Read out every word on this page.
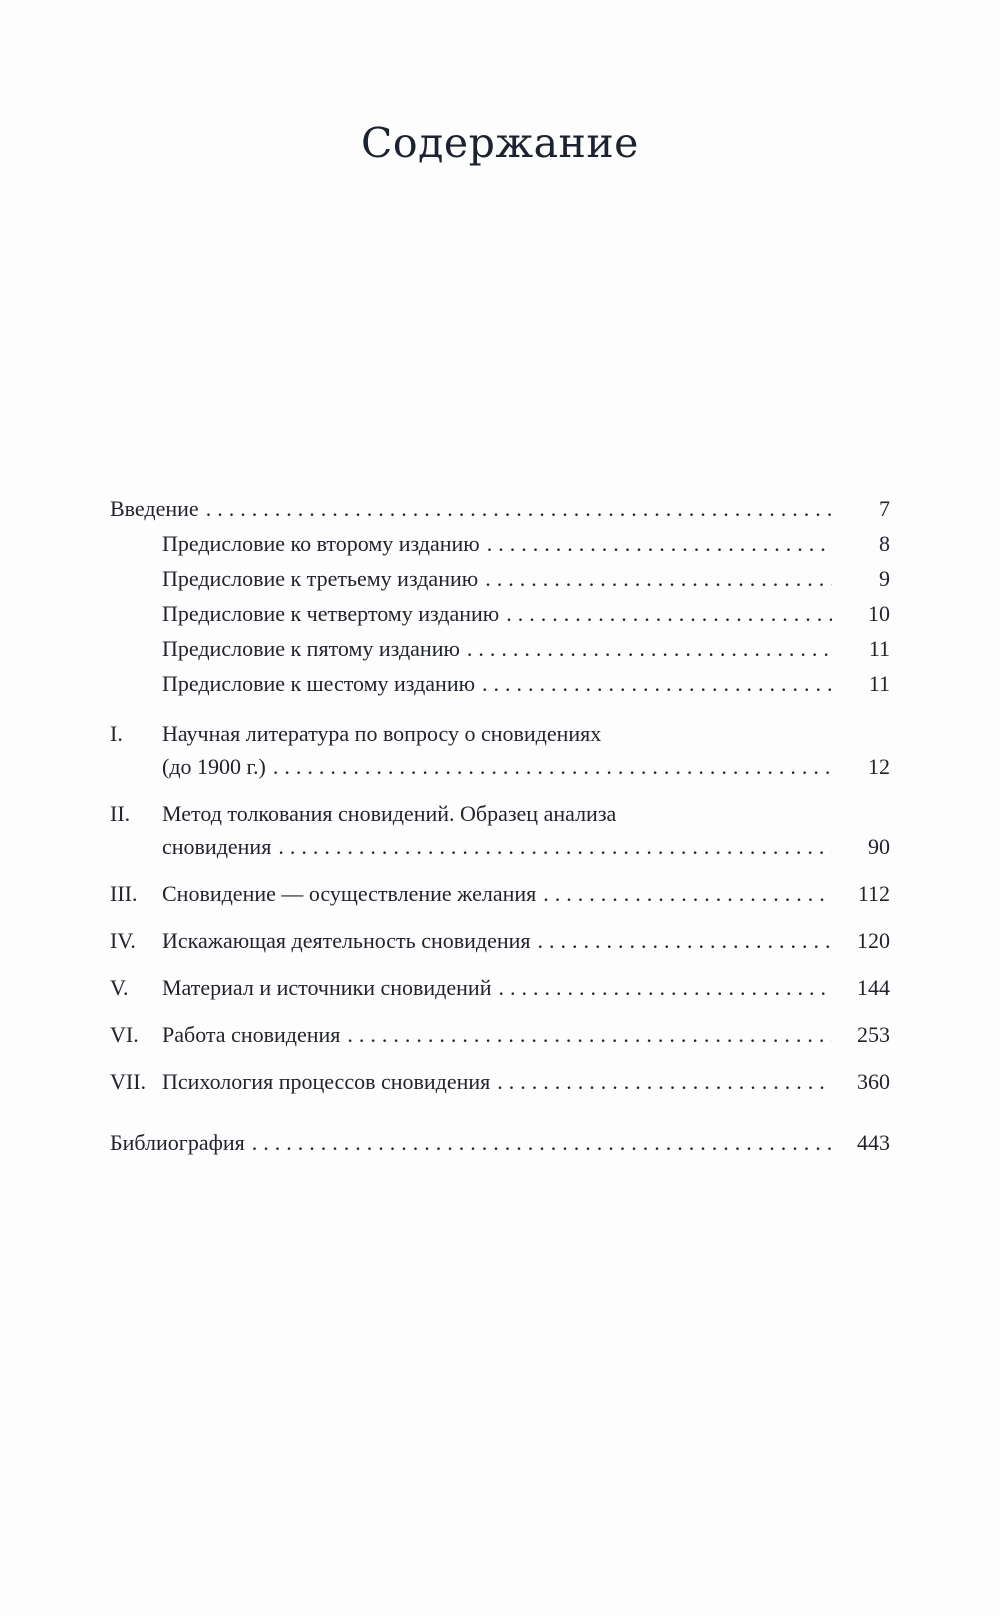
Содержание
Введение .....	7
Предисловие ко второму изданию .....	8
Предисловие к третьему изданию .....	9
Предисловие к четвертому изданию .....	10
Предисловие к пятому изданию .....	11
Предисловие к шестому изданию .....	11
I.	Научная литература по вопросу о сновидениях
(до 1900 г.) .....	12
II.	Метод толкования сновидений. Образец анализа
сновидения .....	90
III.	Сновидение — осуществление желания .....	112
IV.	Искажающая деятельность сновидения .....	120
V.	Материал и источники сновидений .....	144
VI.	Работа сновидения .....	253
VII. Психология процессов сновидения .....	360
Библиография .....	443
